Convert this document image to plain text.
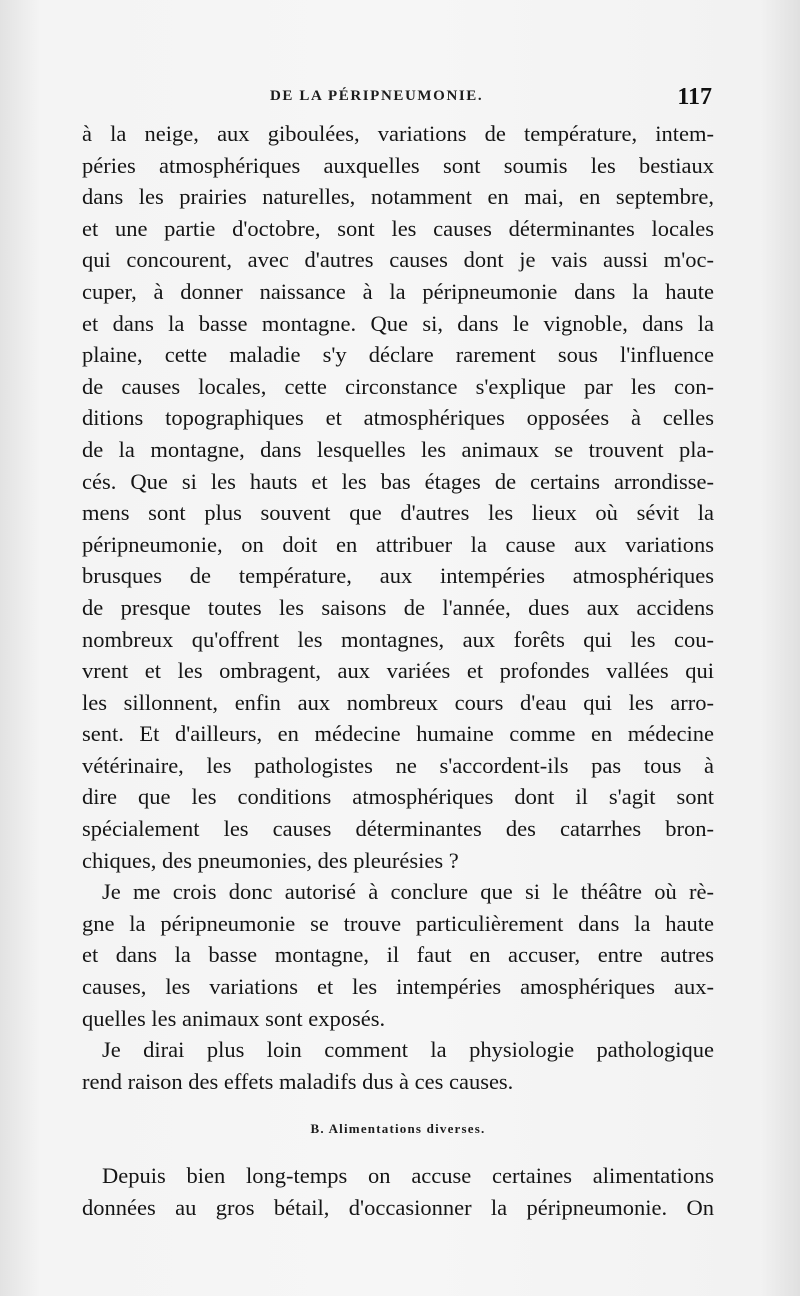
DE LA PÉRIPNEUMONIE.	117
à la neige, aux giboulées, variations de température, intem-
péries atmosphériques auxquelles sont soumis les bestiaux
dans les prairies naturelles, notamment en mai, en septembre,
et une partie d'octobre, sont les causes déterminantes locales
qui concourent, avec d'autres causes dont je vais aussi m'oc-
cuper, à donner naissance à la péripneumonie dans la haute
et dans la basse montagne. Que si, dans le vignoble, dans la
plaine, cette maladie s'y déclare rarement sous l'influence
de causes locales, cette circonstance s'explique par les con-
ditions topographiques et atmosphériques opposées à celles
de la montagne, dans lesquelles les animaux se trouvent pla-
cés. Que si les hauts et les bas étages de certains arrondisse-
mens sont plus souvent que d'autres les lieux où sévit la
péripneumonie, on doit en attribuer la cause aux variations
brusques de température, aux intempéries atmosphériques
de presque toutes les saisons de l'année, dues aux accidens
nombreux qu'offrent les montagnes, aux forêts qui les cou-
vrent et les ombragent, aux variées et profondes vallées qui
les sillonnent, enfin aux nombreux cours d'eau qui les arro-
sent. Et d'ailleurs, en médecine humaine comme en médecine
vétérinaire, les pathologistes ne s'accordent-ils pas tous à
dire que les conditions atmosphériques dont il s'agit sont
spécialement les causes déterminantes des catarrhes bron-
chiques, des pneumonies, des pleurésies ?
Je me crois donc autorisé à conclure que si le théâtre où rè-
gne la péripneumonie se trouve particulièrement dans la haute
et dans la basse montagne, il faut en accuser, entre autres
causes, les variations et les intempéries amosphériques aux-
quelles les animaux sont exposés.
Je dirai plus loin comment la physiologie pathologique
rend raison des effets maladifs dus à ces causes.
B. Alimentations diverses.
Depuis bien long-temps on accuse certaines alimentations
données au gros bétail, d'occasionner la péripneumonie. On
